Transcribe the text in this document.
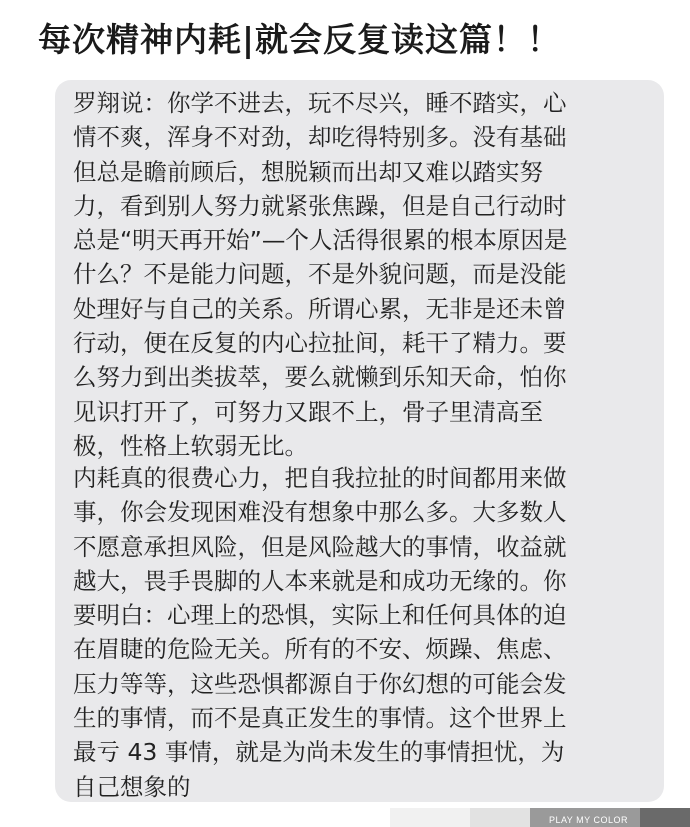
每次精神内耗|就会反复读这篇！！
罗翔说：你学不进去，玩不尽兴，睡不踏实，心
情不爽，浑身不对劲，却吃得特别多。没有基础
但总是瞻前顾后，想脱颖而出却又难以踏实努
力，看到别人努力就紧张焦躁，但是自己行动时
总是“明天再开始”—个人活得很累的根本原因是
什么？不是能力问题，不是外貌问题，而是没能
处理好与自己的关系。所谓心累，无非是还未曾
行动，便在反复的内心拉扯间，耗干了精力。要
么努力到出类拔萃，要么就懒到乐知天命，怕你
见识打开了，可努力又跟不上，骨子里清高至
极，性格上软弱无比。
内耗真的很费心力，把自我拉扯的时间都用来做
事，你会发现困难没有想象中那么多。大多数人
不愿意承担风险，但是风险越大的事情，收益就
越大，畏手畏脚的人本来就是和成功无缘的。你
要明白：心理上的恐惧，实际上和任何具体的迫
在眉睫的危险无关。所有的不安、烦躁、焦虑、
压力等等，这些恐惧都源自于你幻想的可能会发
生的事情，而不是真正发生的事情。这个世界上
最亏 43 事情，就是为尚未发生的事情担忧，为
自己想象的
PLAY MY COLOR
